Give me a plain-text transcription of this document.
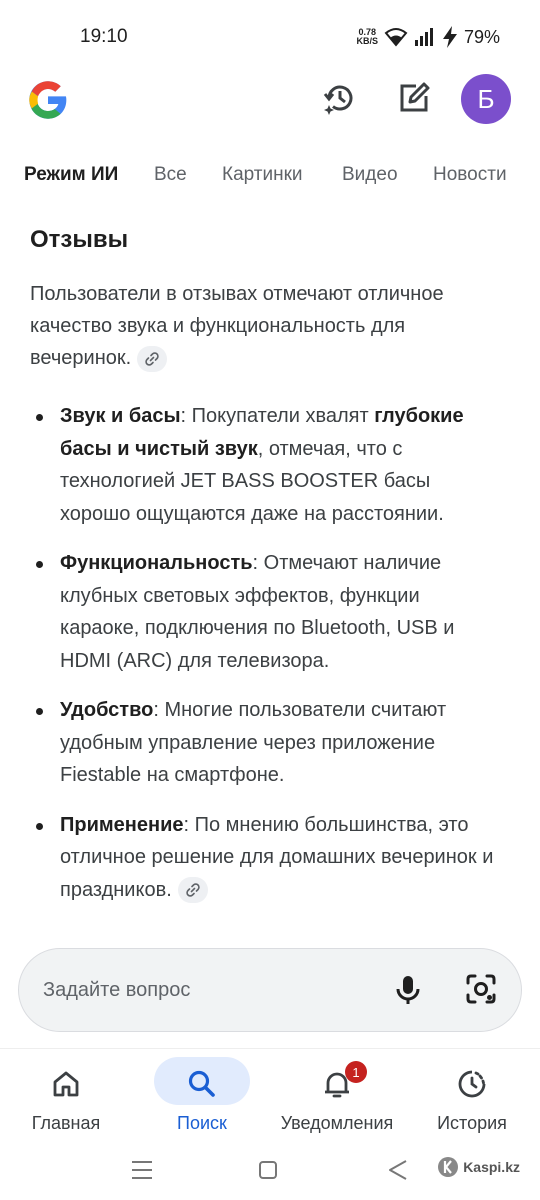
19:10	0.78
KB/S	79%
Б
Режим ИИ Все Картинки Видео Новости
Отзывы

Пользователи в отзывах отмечают отличное качество звука и функциональность для вечеринок.

Звук и басы: Покупатели хвалят глубокие басы и чистый звук, отмечая, что с технологией JET BASS BOOSTER басы хорошо ощущаются даже на расстоянии.
Функциональность: Отмечают наличие клубных световых эффектов, функции караоке, подключения по Bluetooth, USB и HDMI (ARC) для телевизора.
Удобство: Многие пользователи считают удобным управление через приложение Fiestable на смартфоне.
Применение: По мнению большинства, это отличное решение для домашних вечеринок и праздников.
Задайте вопрос
Главная	Поиск
1
Уведомления	История
Kaspi.kz
